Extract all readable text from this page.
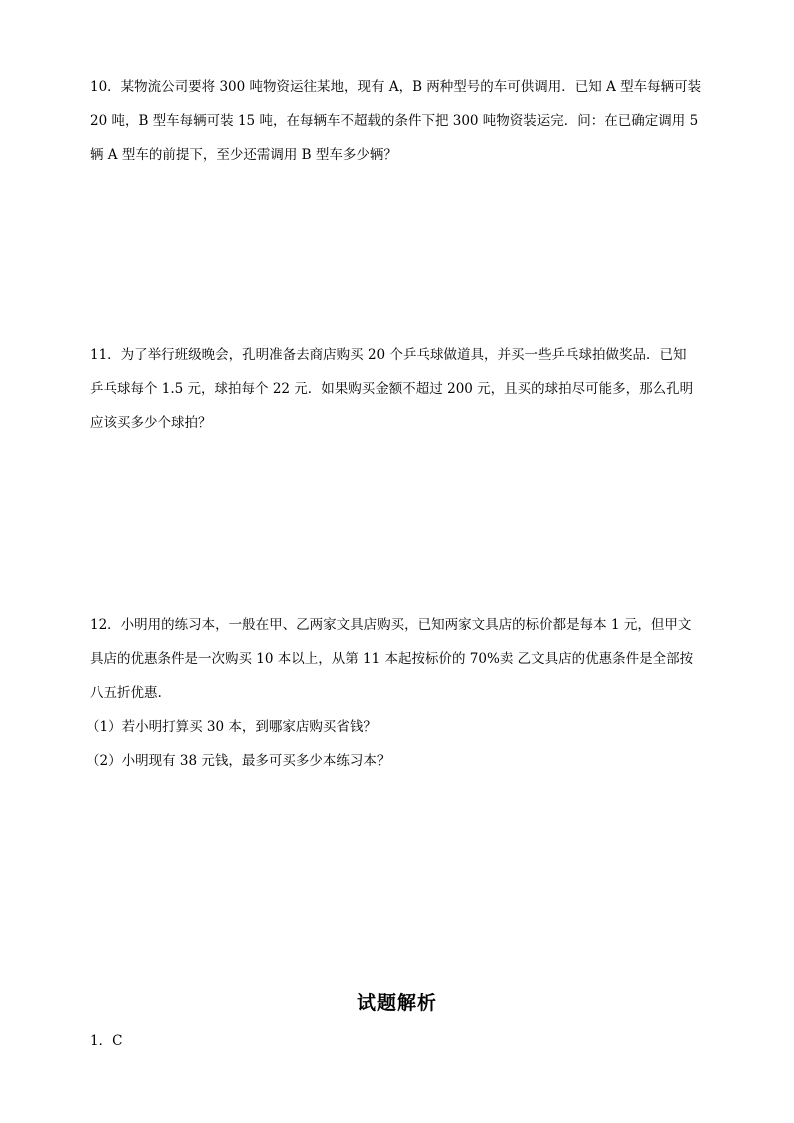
10．某物流公司要将 300 吨物资运往某地，现有 A，B 两种型号的车可供调用．已知 A 型车每辆可装
20 吨，B 型车每辆可装 15 吨，在每辆车不超载的条件下把 300 吨物资装运完．问：在已确定调用 5
辆 A 型车的前提下，至少还需调用 B 型车多少辆？
11．为了举行班级晚会，孔明准备去商店购买 20 个乒乓球做道具，并买一些乒乓球拍做奖品．已知
乒乓球每个 1.5 元，球拍每个 22 元．如果购买金额不超过 200 元，且买的球拍尽可能多，那么孔明
应该买多少个球拍？
12．小明用的练习本，一般在甲、乙两家文具店购买，已知两家文具店的标价都是每本 1 元，但甲文
具店的优惠条件是一次购买 10 本以上，从第 11 本起按标价的 70%卖 乙文具店的优惠条件是全部按
八五折优惠.
（1）若小明打算买 30 本，到哪家店购买省钱？
（2）小明现有 38 元钱，最多可买多少本练习本？
试题解析
1．C
